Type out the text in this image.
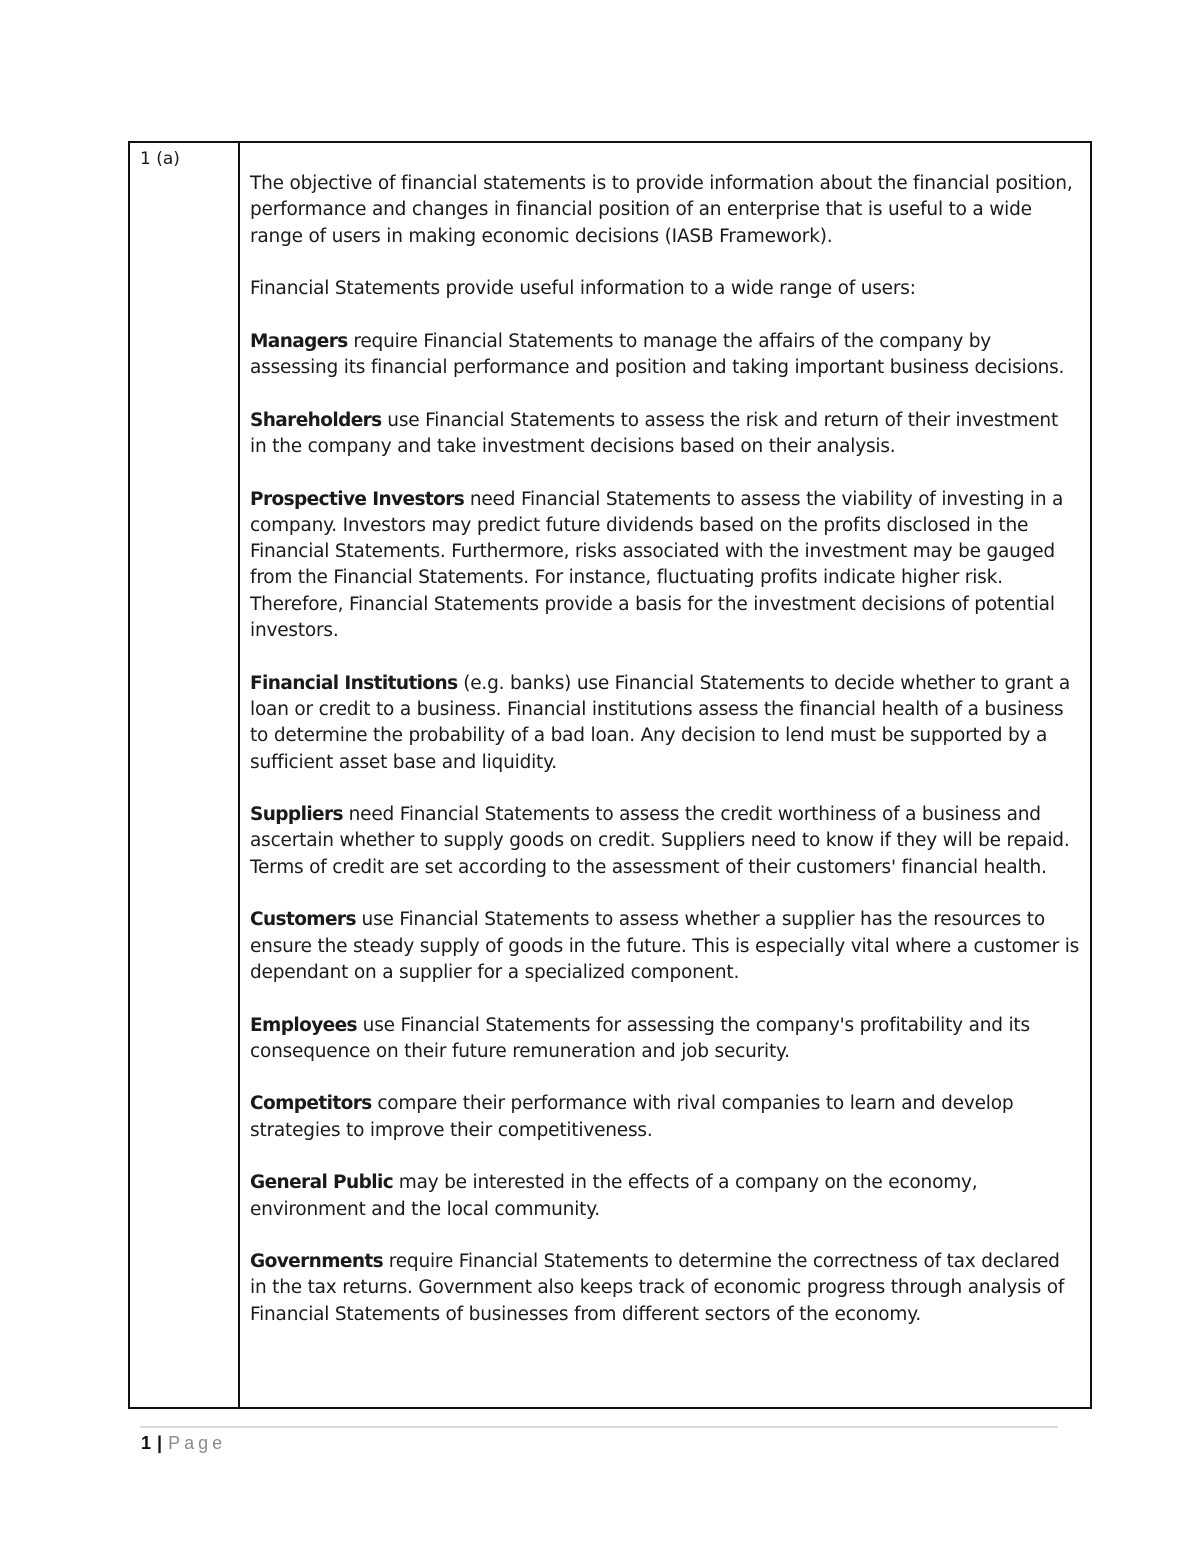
1 (a)

The objective of financial statements is to provide information about the financial position, performance and changes in financial position of an enterprise that is useful to a wide range of users in making economic decisions (IASB Framework).

Financial Statements provide useful information to a wide range of users:

Managers require Financial Statements to manage the affairs of the company by assessing its financial performance and position and taking important business decisions.

Shareholders use Financial Statements to assess the risk and return of their investment in the company and take investment decisions based on their analysis.

Prospective Investors need Financial Statements to assess the viability of investing in a company. Investors may predict future dividends based on the profits disclosed in the Financial Statements. Furthermore, risks associated with the investment may be gauged from the Financial Statements. For instance, fluctuating profits indicate higher risk. Therefore, Financial Statements provide a basis for the investment decisions of potential investors.

Financial Institutions (e.g. banks) use Financial Statements to decide whether to grant a loan or credit to a business. Financial institutions assess the financial health of a business to determine the probability of a bad loan. Any decision to lend must be supported by a sufficient asset base and liquidity.

Suppliers need Financial Statements to assess the credit worthiness of a business and ascertain whether to supply goods on credit. Suppliers need to know if they will be repaid. Terms of credit are set according to the assessment of their customers' financial health.

Customers use Financial Statements to assess whether a supplier has the resources to ensure the steady supply of goods in the future. This is especially vital where a customer is dependant on a supplier for a specialized component.

Employees use Financial Statements for assessing the company's profitability and its consequence on their future remuneration and job security.

Competitors compare their performance with rival companies to learn and develop strategies to improve their competitiveness.

General Public may be interested in the effects of a company on the economy, environment and the local community.

Governments require Financial Statements to determine the correctness of tax declared in the tax returns. Government also keeps track of economic progress through analysis of Financial Statements of businesses from different sectors of the economy.

1 | Page
